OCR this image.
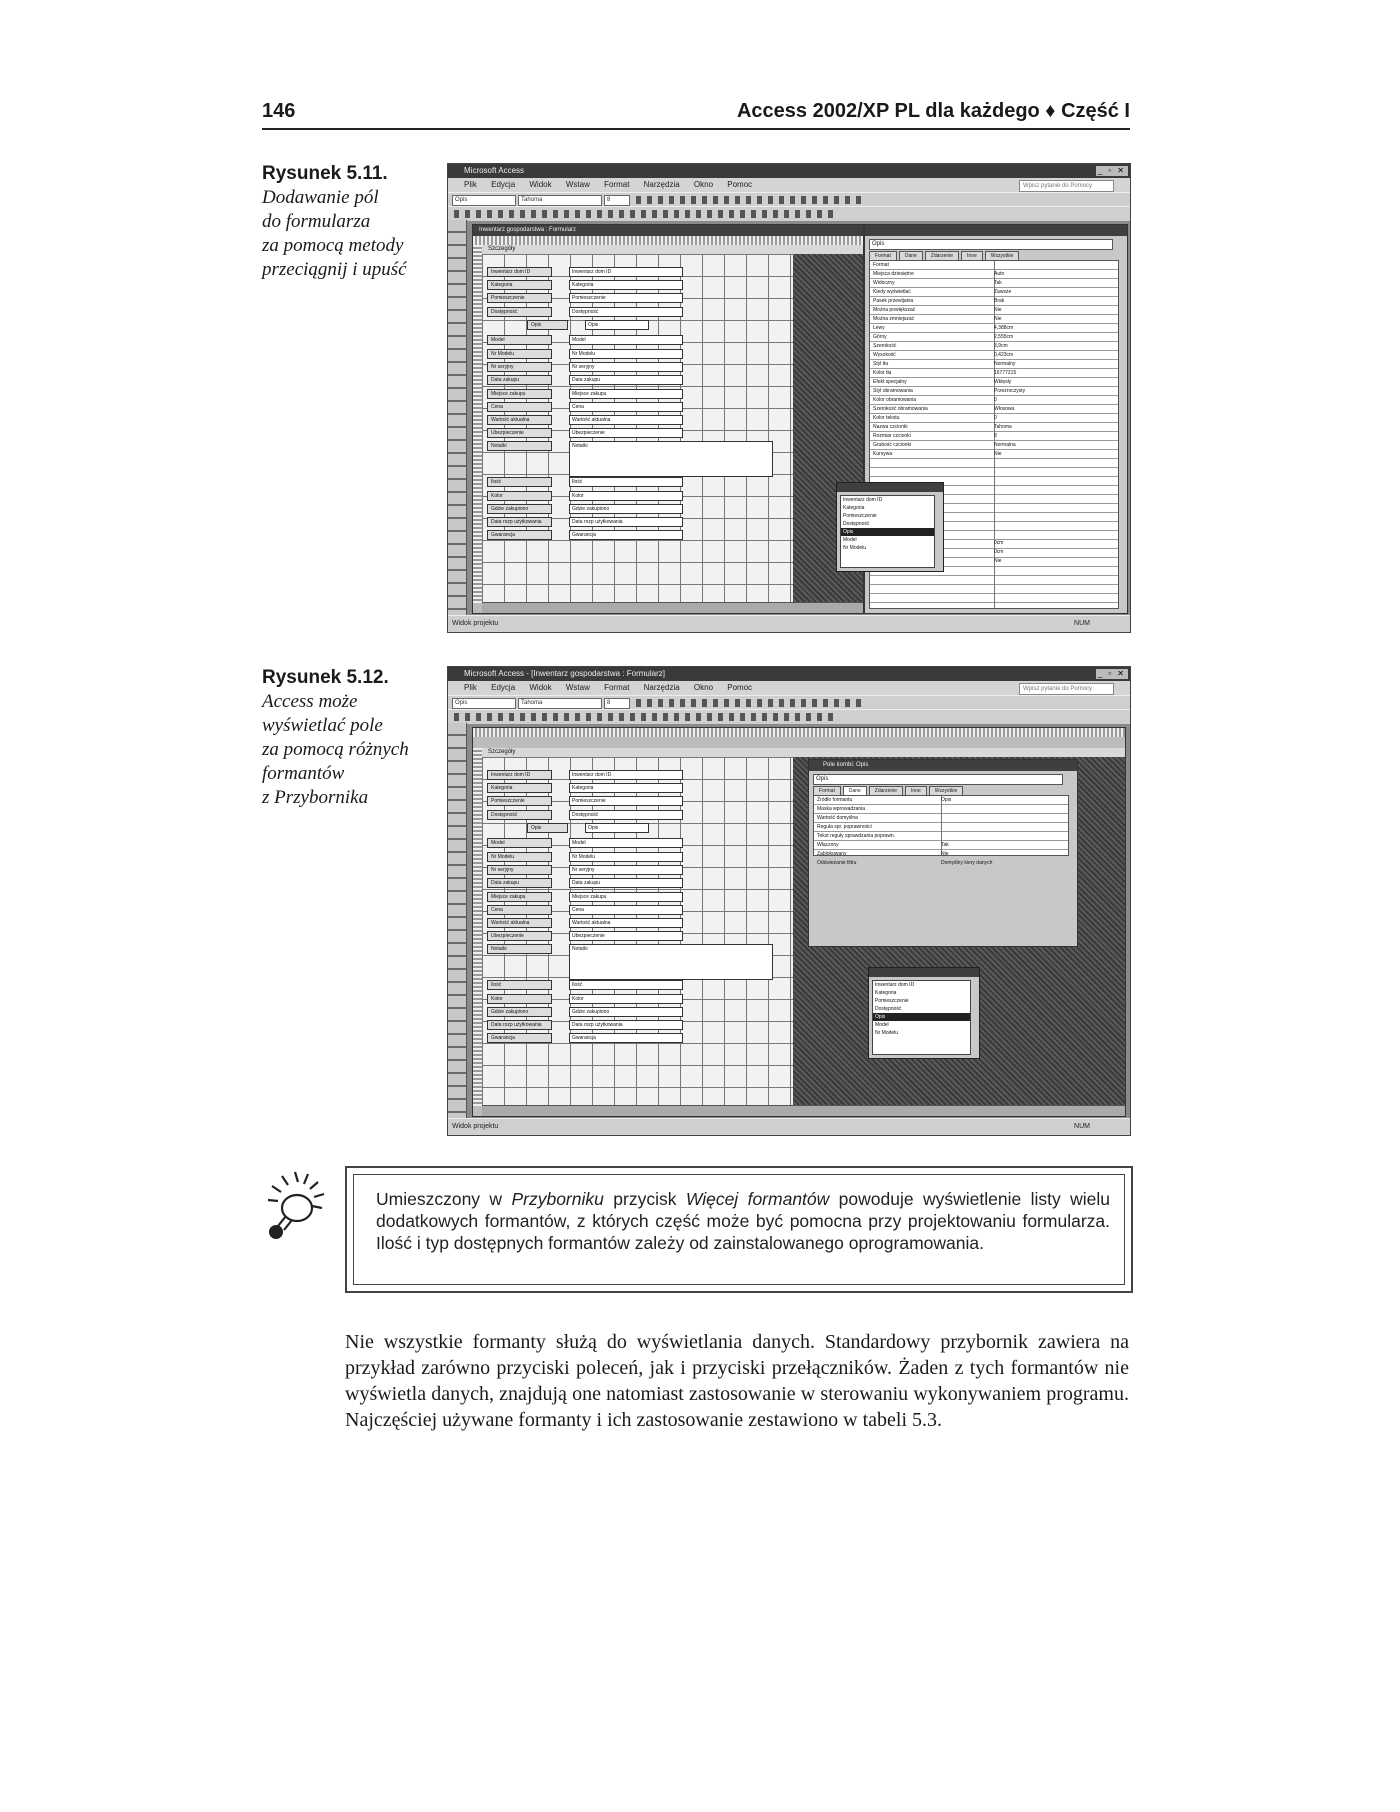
146	Access 2002/XP PL dla każdego ♦ Część I
Rysunek 5.11.
Dodawanie pól
do formularza
za pomocą metody
przeciągnij i upuść
Microsoft Access	_ ▫ ✕
Plik Edycja Widok Wstaw Format Narzędzia Okno Pomoc	Wpisz pytanie do Pomocy
Opis	Tahoma	8
Inwentarz gospodarstwa : Formularz
Szczegóły
Inwentarz dom ID	Inwentarz dom ID
Kategoria	Kategoria
Pomieszczenie	Pomieszczenie
Dostępność	Dostępność
Opis	Opis
Model	Model
Nr Modelu	Nr Modelu
Nr seryjny	Nr seryjny
Data zakupu	Data zakupu
Miejsce zakupu	Miejsce zakupu
Cena	Cena
Wartość aktualna	Wartość aktualna
Ubezpieczenie	Ubezpieczenie
Notatki	Notatki
Ilość	Ilość
Kolor	Kolor
Gdzie zakupiono	Gdzie zakupiono
Data rozp użytkowania	Data rozp użytkowania
Gwarancja	Gwarancja
Opis
Format	Dane	Zdarzenie	Inne	Wszystkie
Format
Miejsca dziesiętne	Auto
Widoczny	Tak
Kiedy wyświetlać	Zawsze
Pasek przewijania	Brak
Można powiększać	Nie
Można zmniejszać	Nie
Lewy	4,388cm
Górny	2,555cm
Szerokość	3,9cm
Wysokość	0,423cm
Styl tła	Normalny
Kolor tła	16777215
Efekt specjalny	Wklęsły
Styl obramowania	Przezroczysty
Kolor obramowania	0
Szerokość obramowania	Włosowa
Kolor tekstu	0
Nazwa czcionki	Tahoma
Rozmiar czcionki	8
Grubość czcionki	Normalna
Kursywa	Nie
0cm
0cm
Nie
Inwentarz dom ID
Kategoria
Pomieszczenie
Dostępność
Opis
Model
Nr Modelu
Widok projektu	NUM
Rysunek 5.12.
Access może
wyświetlać pole
za pomocą różnych
formantów
z Przybornika
Microsoft Access - [Inwentarz gospodarstwa : Formularz]	_ ▫ ✕
Plik Edycja Widok Wstaw Format Narzędzia Okno Pomoc	Wpisz pytanie do Pomocy
Opis	Tahoma	8
Szczegóły
Inwentarz dom ID	Inwentarz dom ID
Kategoria	Kategoria
Pomieszczenie	Pomieszczenie
Dostępność	Dostępność
Opis	Opis
Model	Model
Nr Modelu	Nr Modelu
Nr seryjny	Nr seryjny
Data zakupu	Data zakupu
Miejsce zakupu	Miejsce zakupu
Cena	Cena
Wartość aktualna	Wartość aktualna
Ubezpieczenie	Ubezpieczenie
Notatki	Notatki
Ilość	Ilość
Kolor	Kolor
Gdzie zakupiono	Gdzie zakupiono
Data rozp użytkowania	Data rozp użytkowania
Gwarancja	Gwarancja
Pole kombi: Opis
Opis
Format	Dane	Zdarzenie	Inne	Wszystkie
Źródło formantu	Opis
Maska wprowadzania
Wartość domyślna
Reguła spr. poprawności
Tekst reguły sprawdzania poprawn.
Włączony	Tak
Zablokowany	Nie
Odświeżanie filtru	Domyślny kiery danych
Inwentarz dom ID
Kategoria
Pomieszczenie
Dostępność
Opis
Model
Nr Modelu
Widok projektu	NUM
Umieszczony w Przyborniku przycisk Więcej formantów powoduje wyświetlenie listy wielu dodatkowych formantów, z których część może być pomocna przy projektowaniu formularza. Ilość i typ dostępnych formantów zależy od zainstalowanego oprogramowania.

Nie wszystkie formanty służą do wyświetlania danych. Standardowy przybornik zawiera na przykład zarówno przyciski poleceń, jak i przyciski przełączników. Żaden z tych formantów nie wyświetla danych, znajdują one natomiast zastosowanie w sterowaniu wykonywaniem programu. Najczęściej używane formanty i ich zastosowanie zestawiono w tabeli 5.3.
